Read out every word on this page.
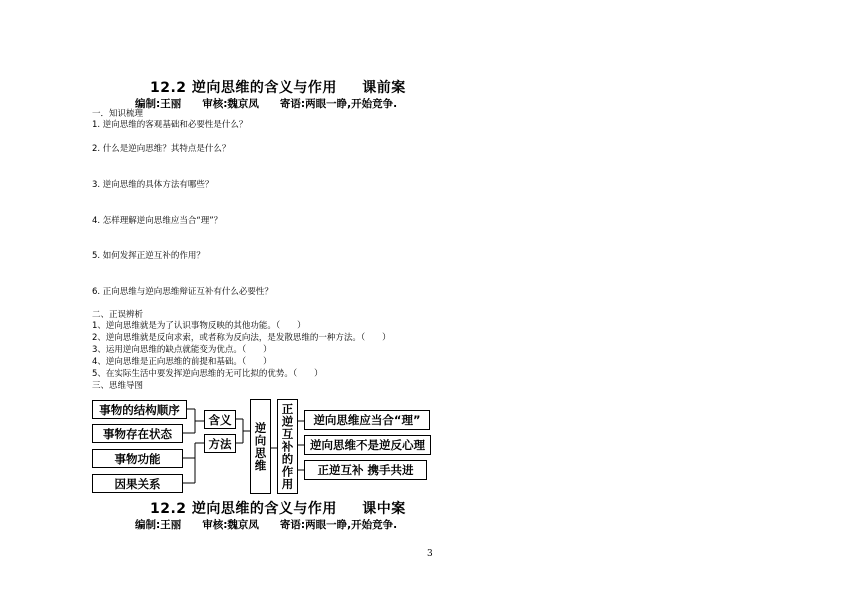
12.2 逆向思维的含义与作用 课前案
编制:王丽　　审核:魏京凤　　寄语:两眼一睁,开始竞争.
一．知识梳理
1. 逆向思维的客观基础和必要性是什么？
2. 什么是逆向思维？其特点是什么？
3. 逆向思维的具体方法有哪些？
4. 怎样理解逆向思维应当合“理”？
5. 如何发挥正逆互补的作用？
6. 正向思维与逆向思维辩证互补有什么必要性？
二、正误辨析
1、逆向思维就是为了认识事物反映的其他功能。（　　）
2、逆向思维就是反向求索，或者称为反向法，是发散思维的一种方法。（　　）
3、运用逆向思维的缺点就能变为优点。（　　）
4、逆向思维是正向思维的前提和基础。（　　）
5、在实际生活中要发挥逆向思维的无可比拟的优势。（　　）
三、思维导图
事物的结构顺序
事物存在状态
事物功能
因果关系
含义
方法	逆向思维	正逆互补的作用	逆向思维应当合“理”
逆向思维不是逆反心理
正逆互补 携手共进
12.2 逆向思维的含义与作用 课中案
编制:王丽　　审核:魏京凤　　寄语:两眼一睁,开始竞争.
3
